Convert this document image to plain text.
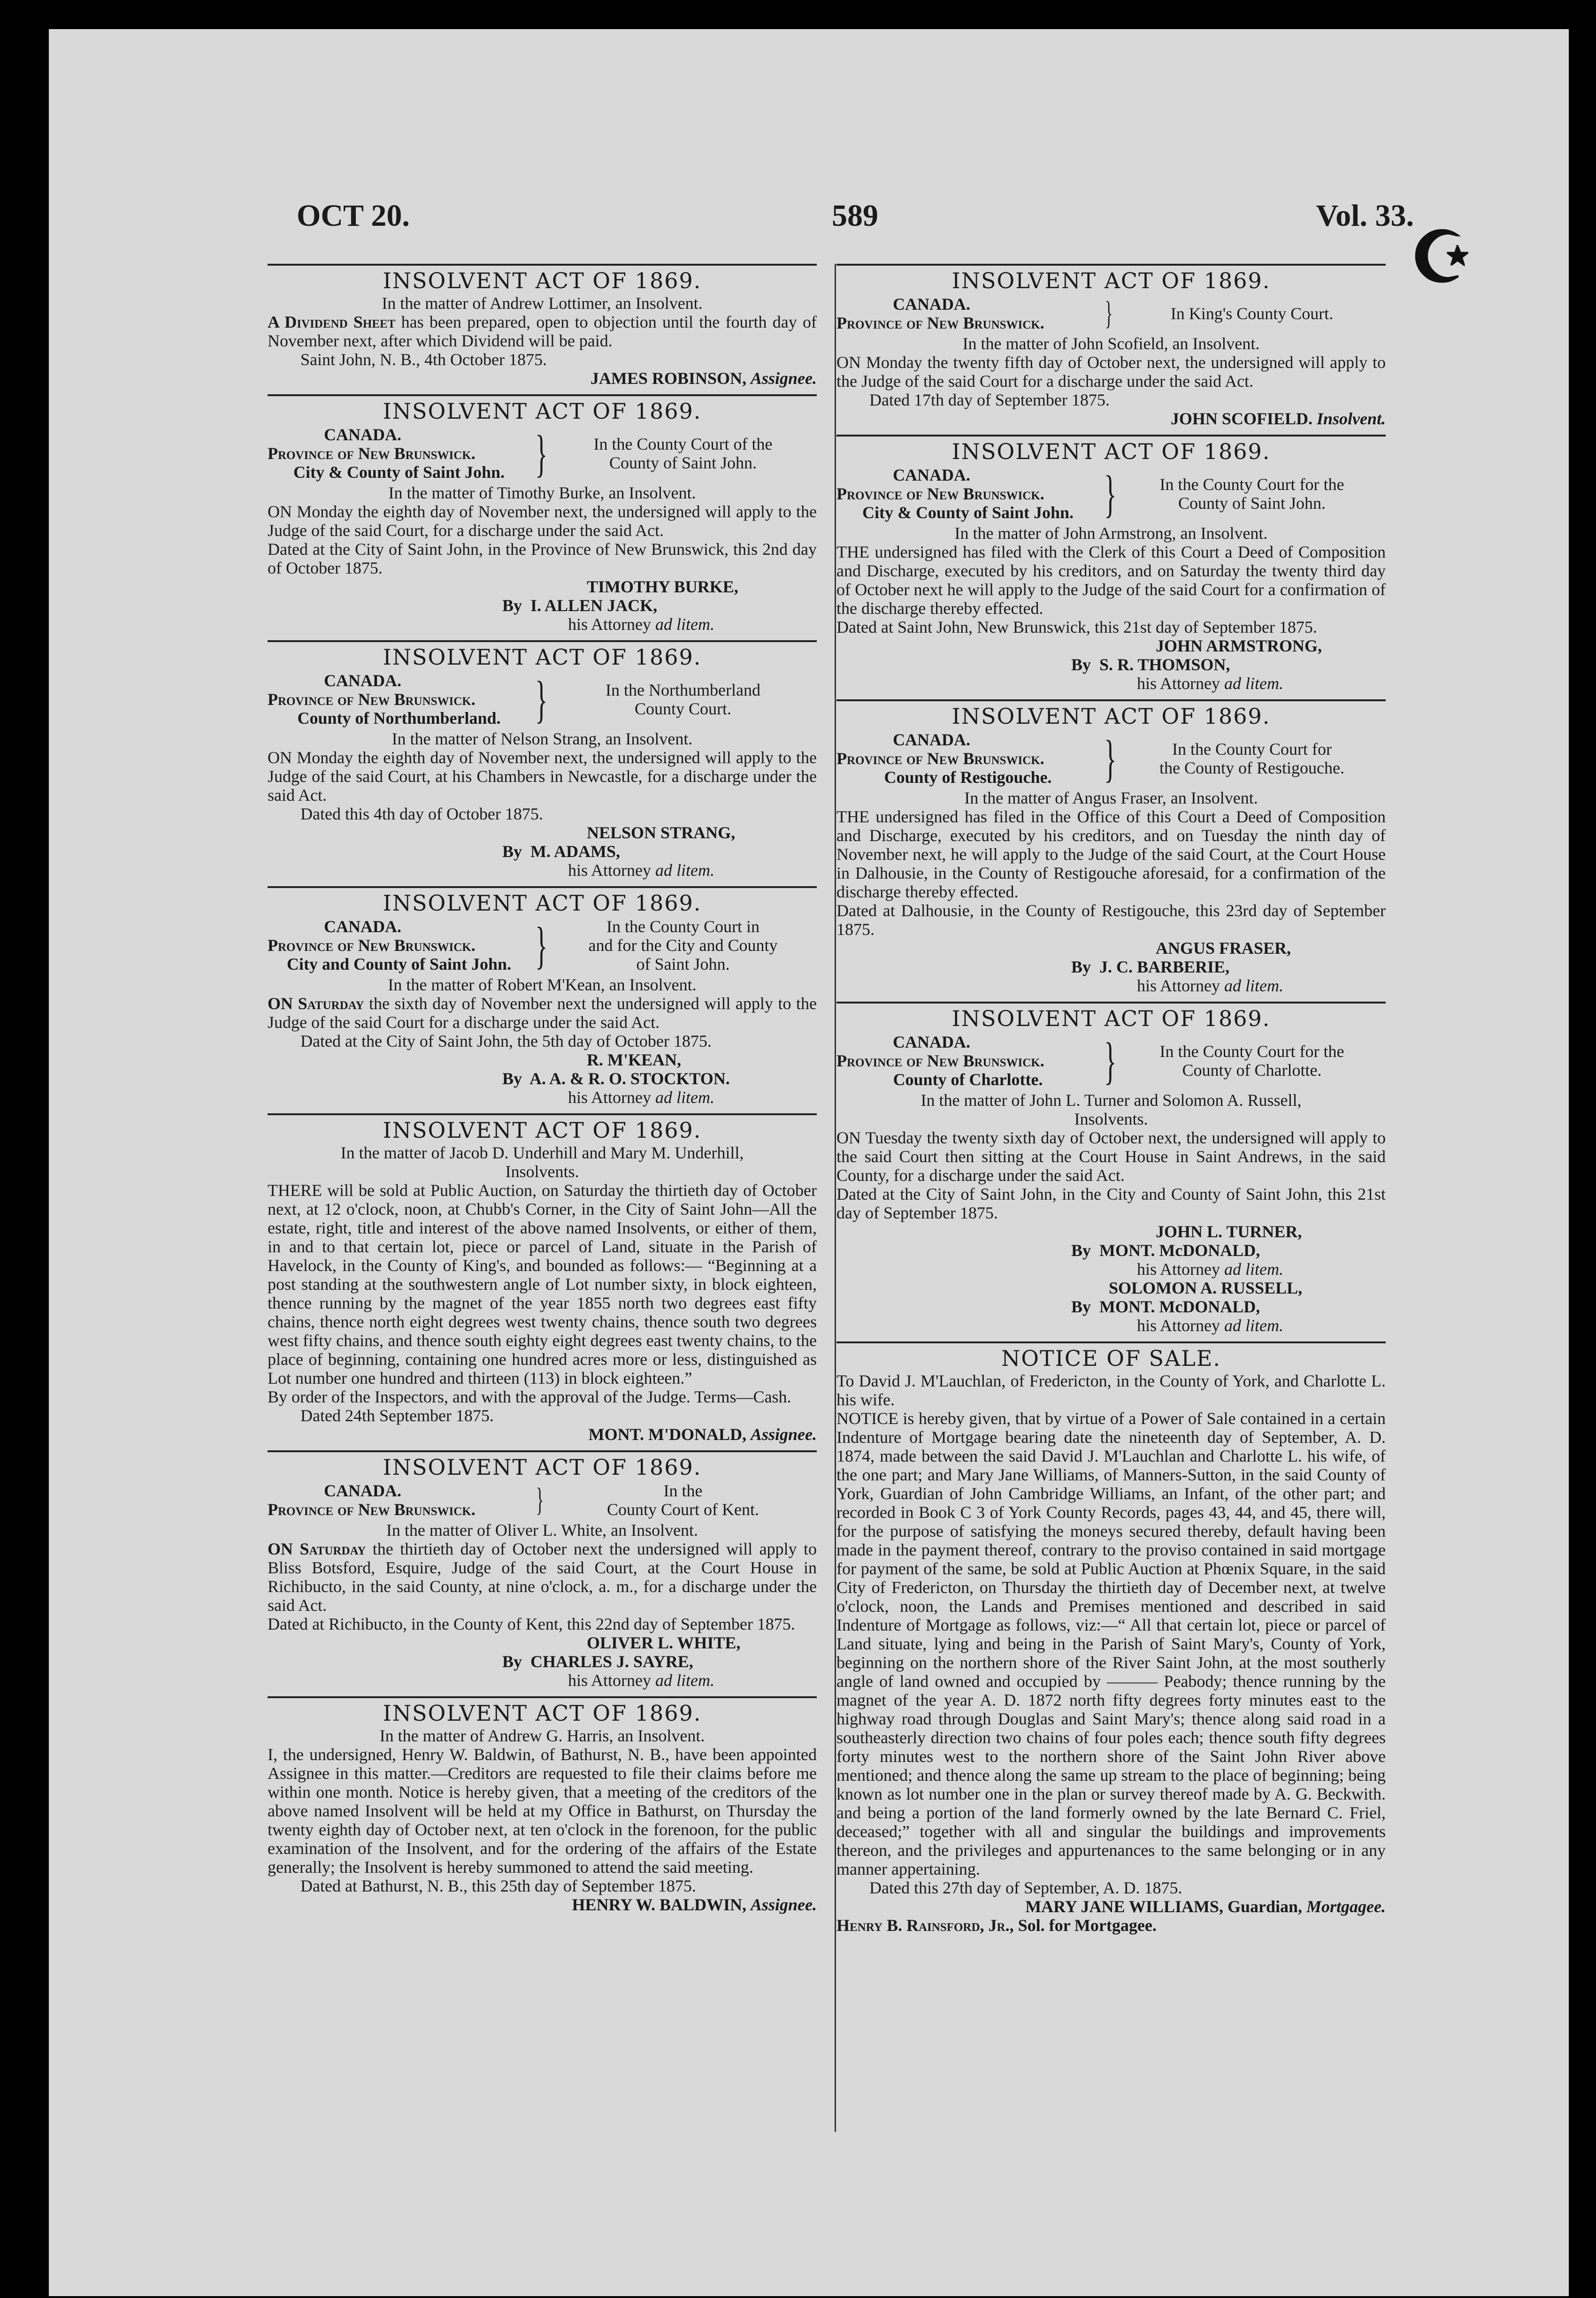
OCT 20.	589	Vol. 33.
☪
INSOLVENT ACT OF 1869.
In the matter of Andrew Lottimer, an Insolvent.

A Dividend Sheet has been prepared, open to objection until the fourth day of November next, after which Dividend will be paid.

Saint John, N. B., 4th October 1875.
JAMES ROBINSON, Assignee.
INSOLVENT ACT OF 1869.
CANADA.
Province of New Brunswick.
City & County of Saint John. }	In the County Court of the
County of Saint John.
In the matter of Timothy Burke, an Insolvent.

ON Monday the eighth day of November next, the undersigned will apply to the Judge of the said Court, for a discharge under the said Act.

Dated at the City of Saint John, in the Province of New Brunswick, this 2nd day of October 1875.

TIMOTHY BURKE,
By I. ALLEN JACK,
his Attorney ad litem.
INSOLVENT ACT OF 1869.
CANADA.
Province of New Brunswick.
County of Northumberland. }	In the Northumberland
County Court.
In the matter of Nelson Strang, an Insolvent.

ON Monday the eighth day of November next, the undersigned will apply to the Judge of the said Court, at his Chambers in Newcastle, for a discharge under the said Act.

Dated this 4th day of October 1875.
NELSON STRANG,
By M. ADAMS,
his Attorney ad litem.
INSOLVENT ACT OF 1869.
CANADA.
Province of New Brunswick.
City and County of Saint John. }	In the County Court in
and for the City and County
of Saint John.
In the matter of Robert M'Kean, an Insolvent.

ON Saturday the sixth day of November next the undersigned will apply to the Judge of the said Court for a discharge under the said Act.

Dated at the City of Saint John, the 5th day of October 1875.
R. M'KEAN,
By A. A. & R. O. STOCKTON.
his Attorney ad litem.
INSOLVENT ACT OF 1869.
In the matter of Jacob D. Underhill and Mary M. Underhill,
Insolvents.

THERE will be sold at Public Auction, on Saturday the thirtieth day of October next, at 12 o'clock, noon, at Chubb's Corner, in the City of Saint John—All the estate, right, title and interest of the above named Insolvents, or either of them, in and to that certain lot, piece or parcel of Land, situate in the Parish of Havelock, in the County of King's, and bounded as follows:— “Beginning at a post standing at the southwestern angle of Lot number sixty, in block eighteen, thence running by the magnet of the year 1855 north two degrees east fifty chains, thence north eight degrees west twenty chains, thence south two degrees west fifty chains, and thence south eighty eight degrees east twenty chains, to the place of beginning, containing one hundred acres more or less, distinguished as Lot number one hundred and thirteen (113) in block eighteen.”

By order of the Inspectors, and with the approval of the Judge. Terms—Cash.

Dated 24th September 1875.
MONT. M'DONALD, Assignee.
INSOLVENT ACT OF 1869.
CANADA.
Province of New Brunswick.	}	In the
County Court of Kent.
In the matter of Oliver L. White, an Insolvent.

ON Saturday the thirtieth day of October next the undersigned will apply to Bliss Botsford, Esquire, Judge of the said Court, at the Court House in Richibucto, in the said County, at nine o'clock, a. m., for a discharge under the said Act.

Dated at Richibucto, in the County of Kent, this 22nd day of September 1875.

OLIVER L. WHITE,
By CHARLES J. SAYRE,
his Attorney ad litem.
INSOLVENT ACT OF 1869.
In the matter of Andrew G. Harris, an Insolvent.

I, the undersigned, Henry W. Baldwin, of Bathurst, N. B., have been appointed Assignee in this matter.—Creditors are requested to file their claims before me within one month. Notice is hereby given, that a meeting of the creditors of the above named Insolvent will be held at my Office in Bathurst, on Thursday the twenty eighth day of October next, at ten o'clock in the forenoon, for the public examination of the Insolvent, and for the ordering of the affairs of the Estate generally; the Insolvent is hereby summoned to attend the said meeting.

Dated at Bathurst, N. B., this 25th day of September 1875.
HENRY W. BALDWIN, Assignee.
INSOLVENT ACT OF 1869.
CANADA.
Province of New Brunswick.	}	In King's County Court.
In the matter of John Scofield, an Insolvent.

ON Monday the twenty fifth day of October next, the undersigned will apply to the Judge of the said Court for a discharge under the said Act.

Dated 17th day of September 1875.
JOHN SCOFIELD. Insolvent.
INSOLVENT ACT OF 1869.
CANADA.
Province of New Brunswick.
City & County of Saint John. }	In the County Court for the
County of Saint John.
In the matter of John Armstrong, an Insolvent.

THE undersigned has filed with the Clerk of this Court a Deed of Composition and Discharge, executed by his creditors, and on Saturday the twenty third day of October next he will apply to the Judge of the said Court for a confirmation of the discharge thereby effected.

Dated at Saint John, New Brunswick, this 21st day of September 1875.

JOHN ARMSTRONG,
By S. R. THOMSON,
his Attorney ad litem.
INSOLVENT ACT OF 1869.
CANADA.
Province of New Brunswick.
County of Restigouche.	}	In the County Court for
the County of Restigouche.
In the matter of Angus Fraser, an Insolvent.

THE undersigned has filed in the Office of this Court a Deed of Composition and Discharge, executed by his creditors, and on Tuesday the ninth day of November next, he will apply to the Judge of the said Court, at the Court House in Dalhousie, in the County of Restigouche aforesaid, for a confirmation of the discharge thereby effected.

Dated at Dalhousie, in the County of Restigouche, this 23rd day of September 1875.

ANGUS FRASER,
By J. C. BARBERIE,
his Attorney ad litem.
INSOLVENT ACT OF 1869.
CANADA.
Province of New Brunswick.
County of Charlotte.	}	In the County Court for the
County of Charlotte.
In the matter of John L. Turner and Solomon A. Russell,
Insolvents.

ON Tuesday the twenty sixth day of October next, the undersigned will apply to the said Court then sitting at the Court House in Saint Andrews, in the said County, for a discharge under the said Act.

Dated at the City of Saint John, in the City and County of Saint John, this 21st day of September 1875.

JOHN L. TURNER,
By MONT. McDONALD,
his Attorney ad litem.
SOLOMON A. RUSSELL,
By MONT. McDONALD,
his Attorney ad litem.
NOTICE OF SALE.

To David J. M'Lauchlan, of Fredericton, in the County of York, and Charlotte L. his wife.

NOTICE is hereby given, that by virtue of a Power of Sale contained in a certain Indenture of Mortgage bearing date the nineteenth day of September, A. D. 1874, made between the said David J. M'Lauchlan and Charlotte L. his wife, of the one part; and Mary Jane Williams, of Manners-Sutton, in the said County of York, Guardian of John Cambridge Williams, an Infant, of the other part; and recorded in Book C 3 of York County Records, pages 43, 44, and 45, there will, for the purpose of satisfying the moneys secured thereby, default having been made in the payment thereof, contrary to the proviso contained in said mortgage for payment of the same, be sold at Public Auction at Phœnix Square, in the said City of Fredericton, on Thursday the thirtieth day of December next, at twelve o'clock, noon, the Lands and Premises mentioned and described in said Indenture of Mortgage as follows, viz:—“ All that certain lot, piece or parcel of Land situate, lying and being in the Parish of Saint Mary's, County of York, beginning on the northern shore of the River Saint John, at the most southerly angle of land owned and occupied by ——— Peabody; thence running by the magnet of the year A. D. 1872 north fifty degrees forty minutes east to the highway road through Douglas and Saint Mary's; thence along said road in a southeasterly direction two chains of four poles each; thence south fifty degrees forty minutes west to the northern shore of the Saint John River above mentioned; and thence along the same up stream to the place of beginning; being known as lot number one in the plan or survey thereof made by A. G. Beckwith. and being a portion of the land formerly owned by the late Bernard C. Friel, deceased;” together with all and singular the buildings and improvements thereon, and the privileges and appurtenances to the same belonging or in any manner appertaining.

Dated this 27th day of September, A. D. 1875.
MARY JANE WILLIAMS, Guardian, Mortgagee.
Henry B. Rainsford, Jr., Sol. for Mortgagee.
